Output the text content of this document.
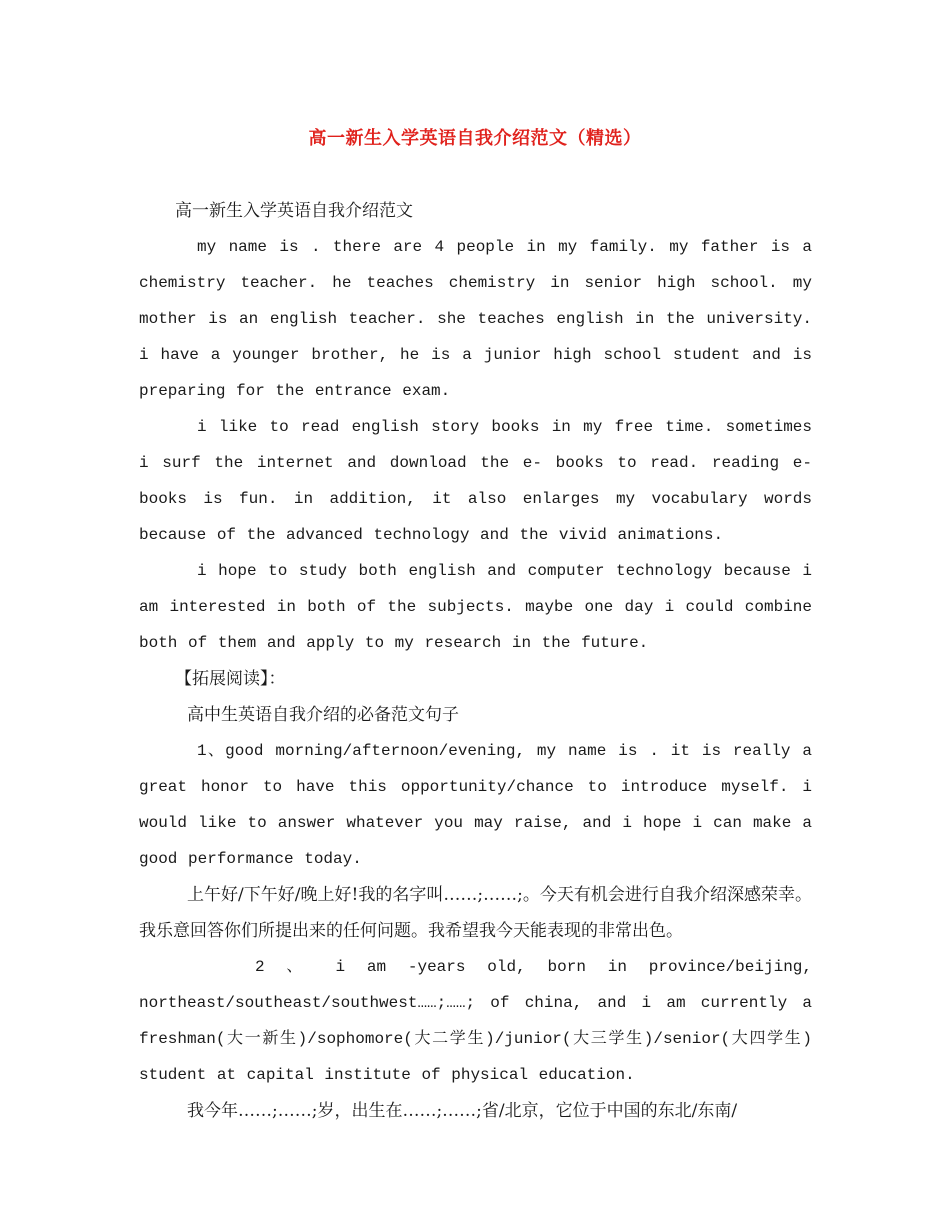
高一新生入学英语自我介绍范文（精选）

高一新生入学英语自我介绍范文

my name is . there are 4 people in my family. my father is a chemistry teacher. he teaches chemistry in senior high school. my mother is an english teacher. she teaches english in the university. i have a younger brother, he is a junior high school student and is preparing for the entrance exam.

i like to read english story books in my free time. sometimes i surf the internet and download the e- books to read. reading e- books is fun. in addition, it also enlarges my vocabulary words because of the advanced technology and the vivid animations.

i hope to study both english and computer technology because i am interested in both of the subjects. maybe one day i could combine both of them and apply to my research in the future.

【拓展阅读】：

高中生英语自我介绍的必备范文句子

1、good morning/afternoon/evening, my name is . it is really a great honor to have this opportunity/chance to introduce myself. i would like to answer whatever you may raise, and i hope i can make a good performance today.

上午好/下午好/晚上好!我的名字叫……;……;。今天有机会进行自我介绍深感荣幸。我乐意回答你们所提出来的任何问题。我希望我今天能表现的非常出色。

2 、 i am -years old, born in province/beijing, northeast/southeast/southwest……;……; of china, and i am currently a freshman(大一新生)/sophomore(大二学生)/junior(大三学生)/senior(大四学生) student at capital institute of physical education.

我今年……;……;岁，出生在……;……;省/北京，它位于中国的东北/东南/
